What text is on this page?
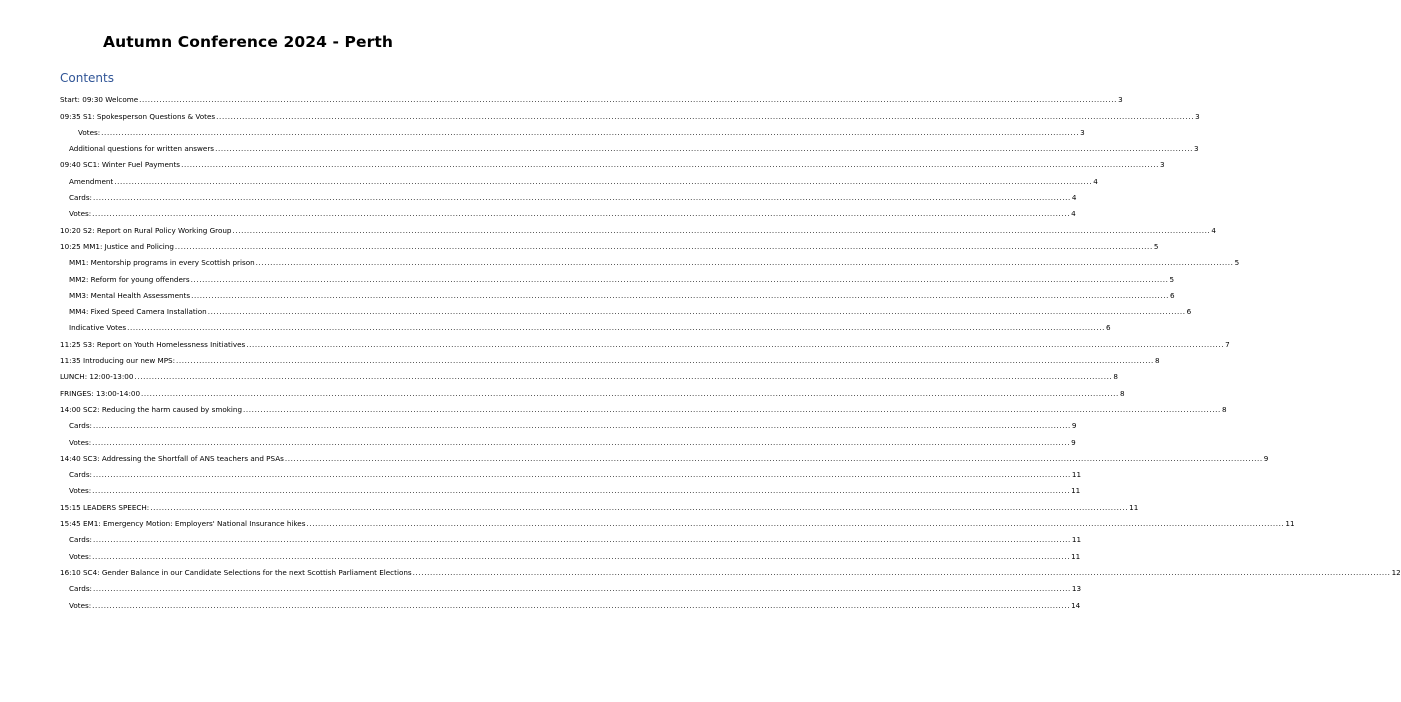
Autumn Conference 2024 - Perth
Contents
Start: 09:30 Welcome .....	3
09:35 S1: Spokesperson Questions & Votes .....	3
Votes: .....	3
Additional questions for written answers .....	3
09:40 SC1: Winter Fuel Payments .....	3
Amendment .....	4
Cards: .....	4
Votes: .....	4
10:20 S2: Report on Rural Policy Working Group .....	4
10:25 MM1: Justice and Policing .....	5
MM1: Mentorship programs in every Scottish prison .....	5
MM2: Reform for young offenders .....	5
MM3: Mental Health Assessments .....	6
MM4: Fixed Speed Camera Installation .....	6
Indicative Votes .....	6
11:25 S3: Report on Youth Homelessness Initiatives .....	7
11:35 Introducing our new MPS: .....	8
LUNCH: 12:00-13:00 .....	8
FRINGES: 13:00-14:00 .....	8
14:00 SC2: Reducing the harm caused by smoking .....	8
Cards: .....	9
Votes: .....	9
14:40 SC3: Addressing the Shortfall of ANS teachers and PSAs .....	9
Cards: .....	11
Votes: .....	11
15:15 LEADERS SPEECH: .....	11
15:45 EM1: Emergency Motion: Employers' National Insurance hikes .....	11
Cards: .....	11
Votes: .....	11
16:10 SC4: Gender Balance in our Candidate Selections for the next Scottish Parliament Elections .....	12
Cards: .....	13
Votes: .....	14
